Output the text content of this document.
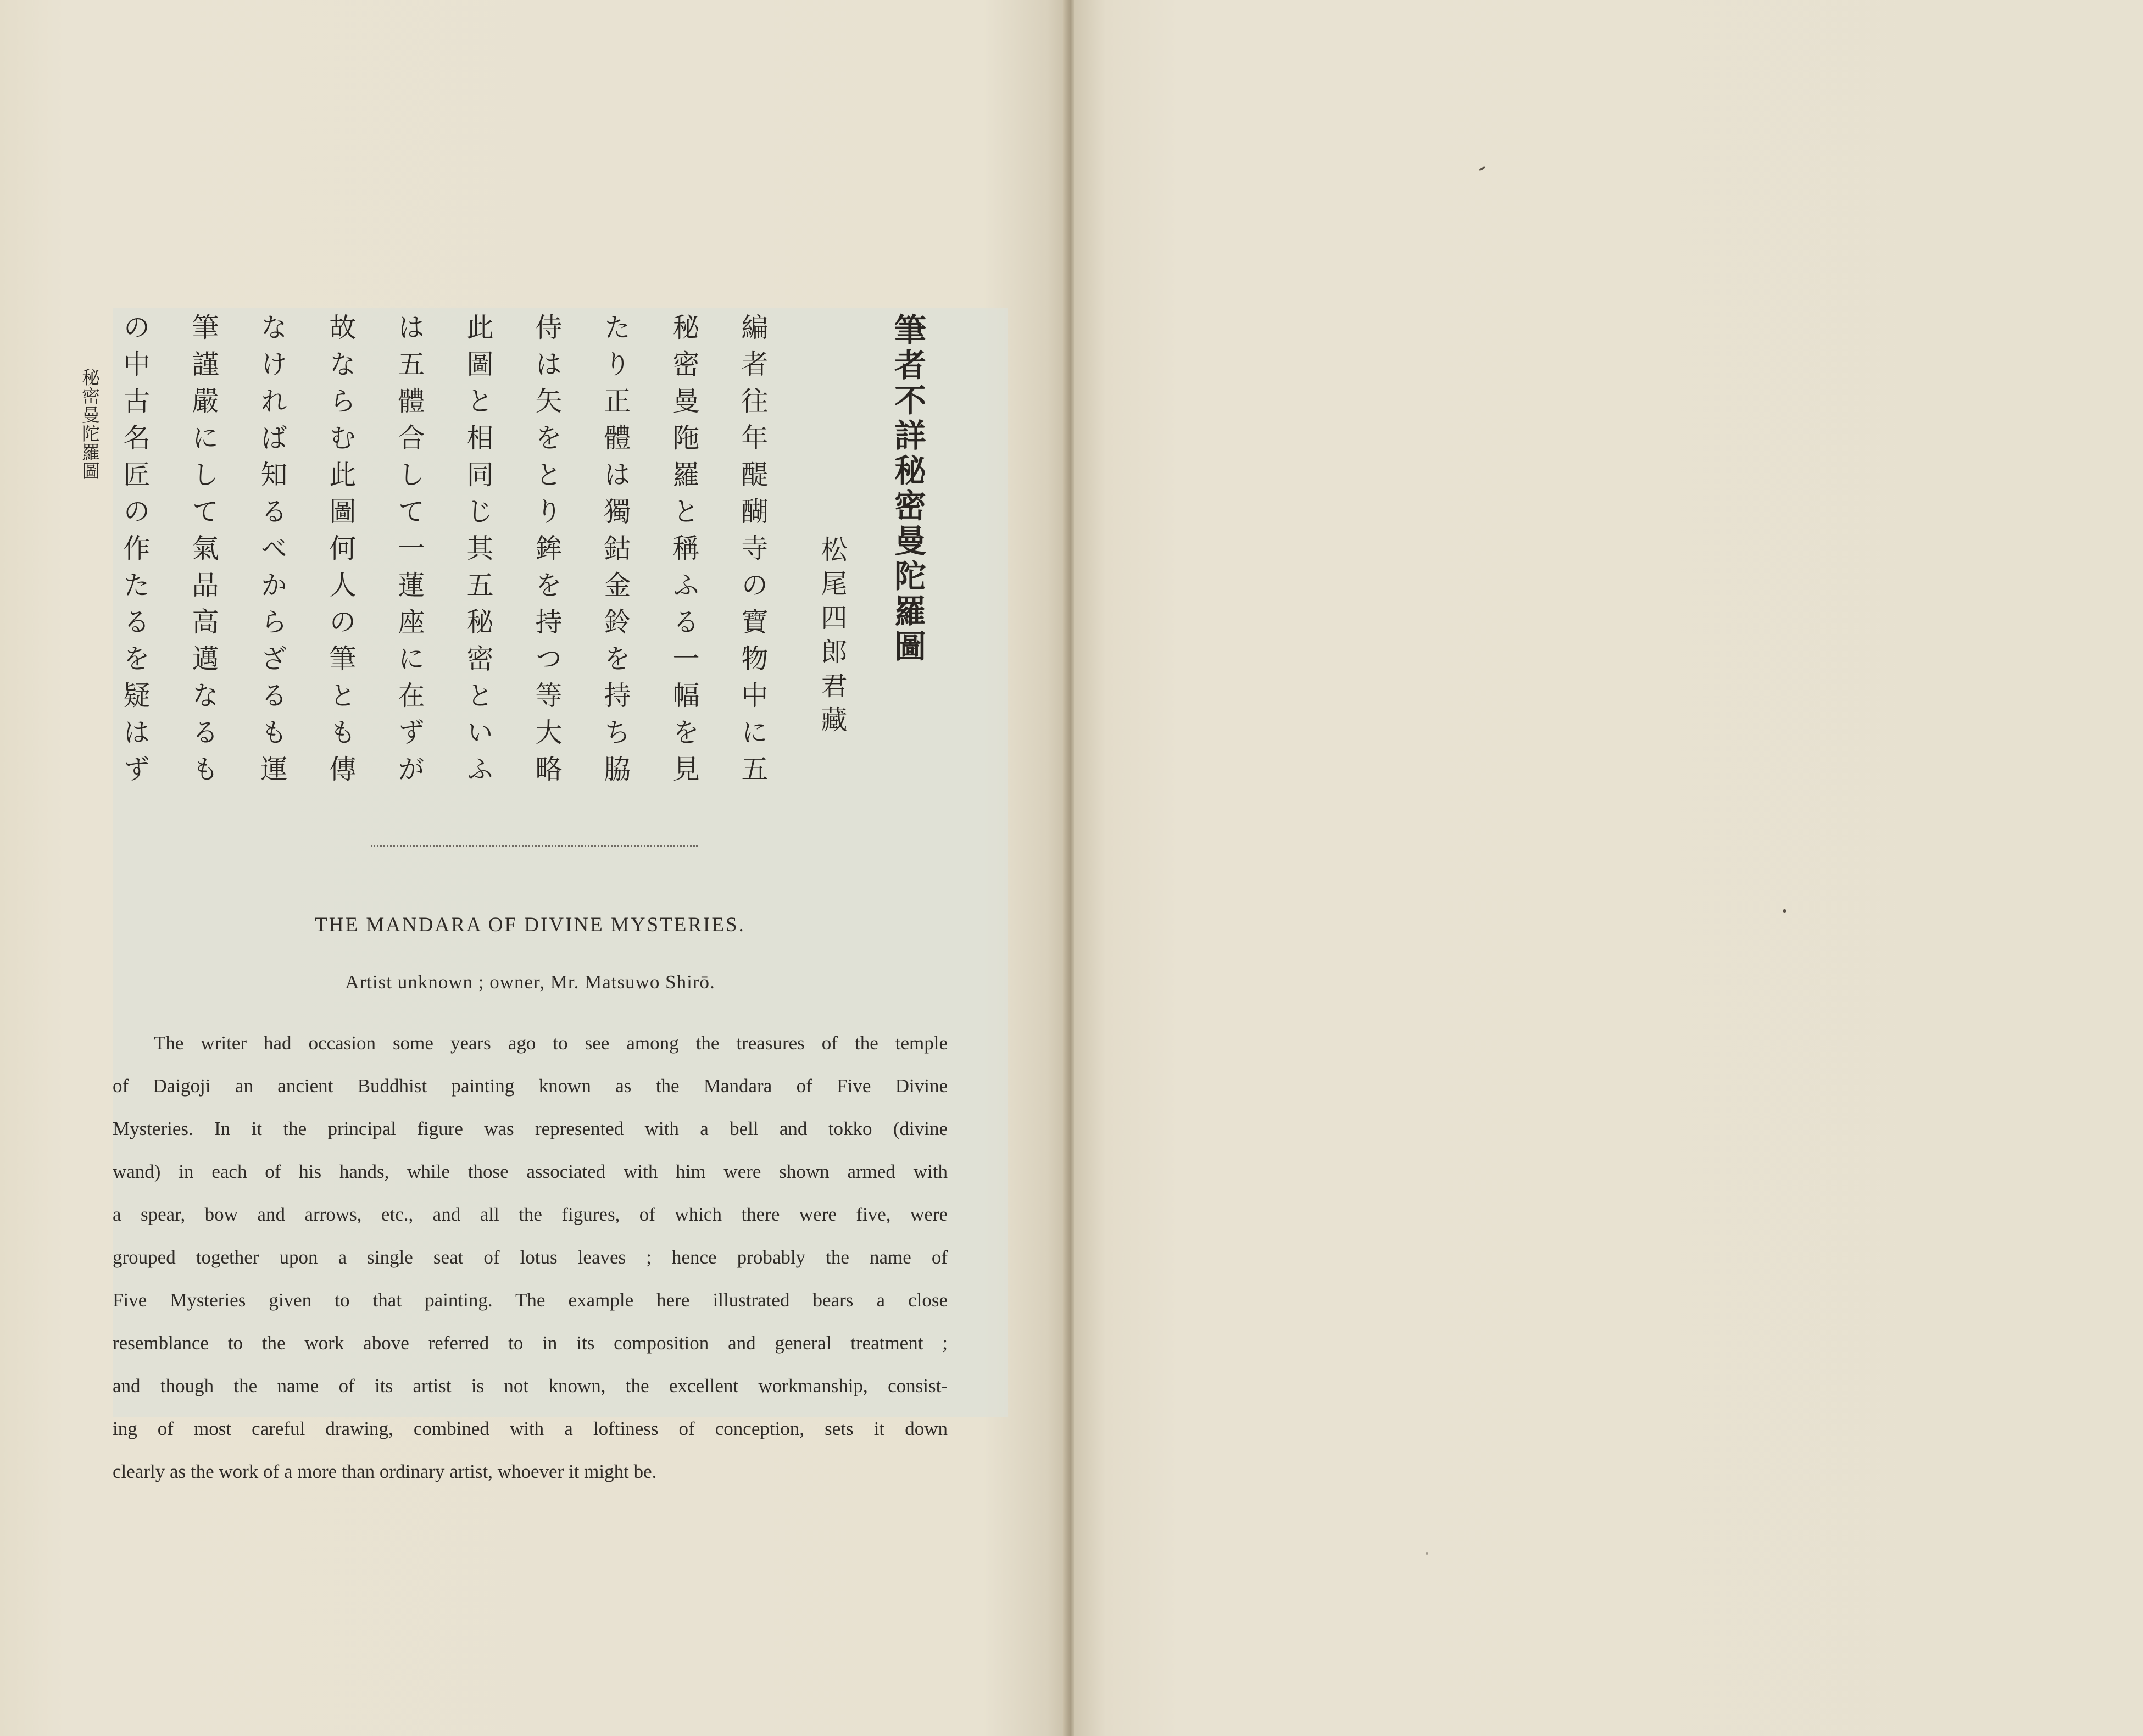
秘密曼陀羅圖	筆者不詳秘密曼陀羅圖
松尾四郎君藏
編者往年醍醐寺の寶物中に五
秘密曼陁羅と稱ふる一幅を見
たり正體は獨鈷金鈴を持ち脇
侍は矢をとり鉾を持つ等大略
此圖と相同じ其五秘密といふ
は五體合して一蓮座に在ずが
故ならむ此圖何人の筆とも傳
なければ知るべからざるも運
筆謹嚴にして氣品高邁なるも
の中古名匠の作たるを疑はず
THE MANDARA OF DIVINE MYSTERIES.
Artist unknown ; owner, Mr. Matsuwo Shirō.
The writer had occasion some years ago to see among the treasures of the temple
of Daigoji an ancient Buddhist painting known as the Mandara of Five Divine
Mysteries. In it the principal figure was represented with a bell and tokko (divine
wand) in each of his hands, while those associated with him were shown armed with
a spear, bow and arrows, etc., and all the figures, of which there were five, were
grouped together upon a single seat of lotus leaves ; hence probably the name of
Five Mysteries given to that painting. The example here illustrated bears a close
resemblance to the work above referred to in its composition and general treatment ;
and though the name of its artist is not known, the excellent workmanship, consist-
ing of most careful drawing, combined with a loftiness of conception, sets it down
clearly as the work of a more than ordinary artist, whoever it might be.
